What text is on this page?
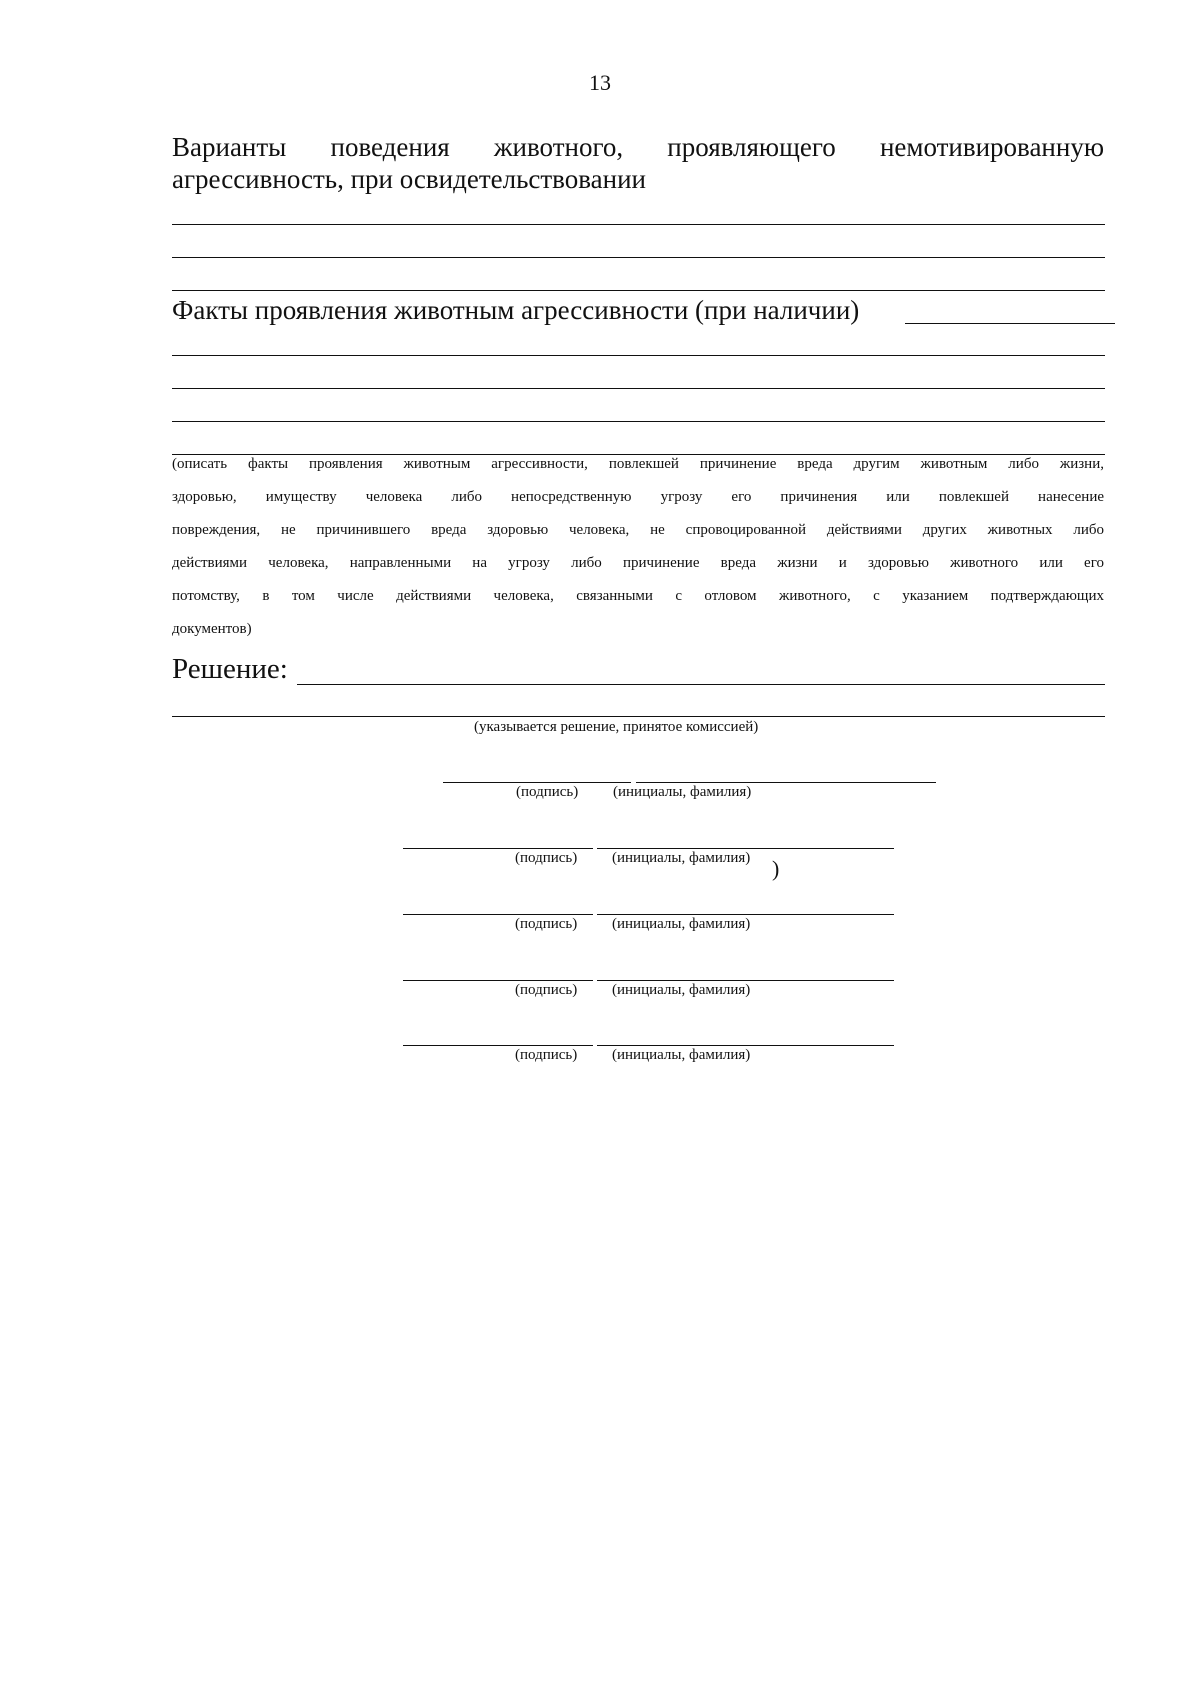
13
Варианты поведения животного, проявляющего немотивированную
агрессивность, при освидетельствовании
Факты проявления животным агрессивности (при наличии)
(описать факты проявления животным агрессивности, повлекшей причинение вреда другим животным либо жизни,
здоровью, имуществу человека либо непосредственную угрозу его причинения или повлекшей нанесение
повреждения, не причинившего вреда здоровью человека, не спровоцированной действиями других животных либо
действиями человека, направленными на угрозу либо причинение вреда жизни и здоровью животного или его
потомству, в том числе действиями человека, связанными с отловом животного, с указанием подтверждающих
документов)
Решение:
(указывается решение, принятое комиссией)
(подпись) (инициалы, фамилия)
(подпись) (инициалы, фамилия) )
(подпись) (инициалы, фамилия)
(подпись) (инициалы, фамилия)
(подпись) (инициалы, фамилия)
